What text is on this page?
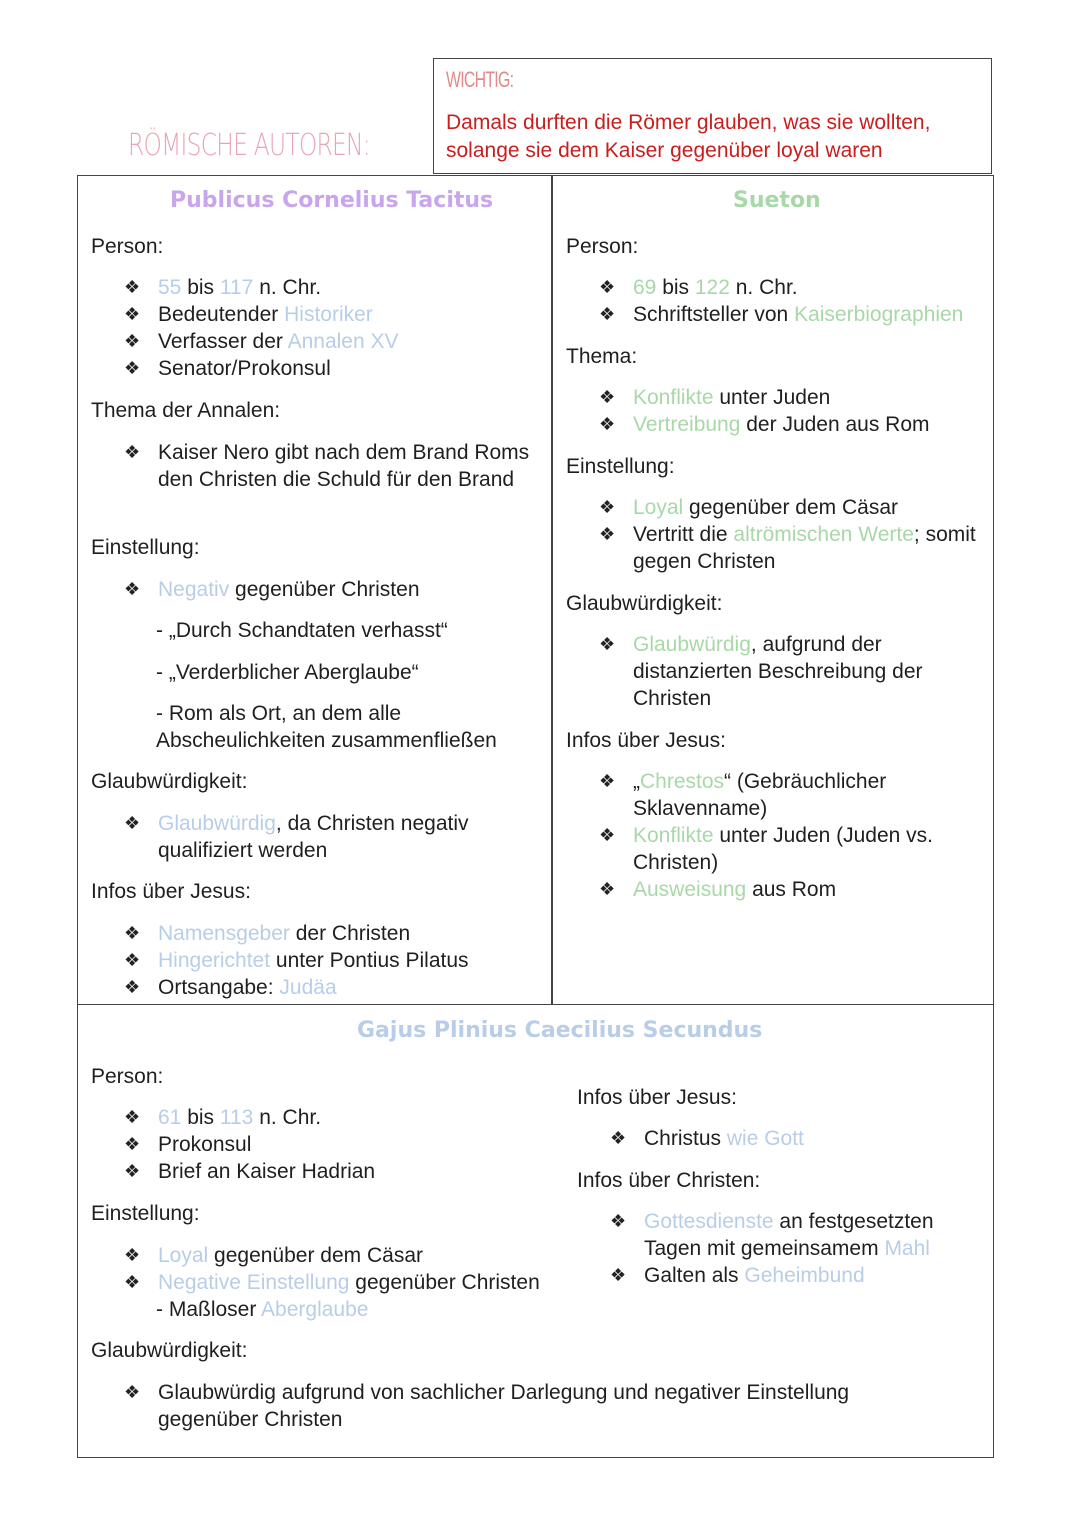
RÖMISCHE AUTOREN:
WICHTIG:
Damals durften die Römer glauben, was sie wollten, solange sie dem Kaiser gegenüber loyal waren
Publicus Cornelius Tacitus
Person:
❖ 55 bis 117 n. Chr.
❖ Bedeutender Historiker
❖ Verfasser der Annalen XV
❖ Senator/Prokonsul
Thema der Annalen:
❖ Kaiser Nero gibt nach dem Brand Roms den Christen die Schuld für den Brand
Einstellung:
❖ Negativ gegenüber Christen
- „Durch Schandtaten verhasst“
- „Verderblicher Aberglaube“
- Rom als Ort, an dem alle Abscheulichkeiten zusammenfließen
Glaubwürdigkeit:
❖ Glaubwürdig, da Christen negativ qualifiziert werden
Infos über Jesus:
❖ Namensgeber der Christen
❖ Hingerichtet unter Pontius Pilatus
❖ Ortsangabe: Judäa
Sueton
Person:
❖ 69 bis 122 n. Chr.
❖ Schriftsteller von Kaiserbiographien
Thema:
❖ Konflikte unter Juden
❖ Vertreibung der Juden aus Rom
Einstellung:
❖ Loyal gegenüber dem Cäsar
❖ Vertritt die altrömischen Werte; somit gegen Christen
Glaubwürdigkeit:
❖ Glaubwürdig, aufgrund der distanzierten Beschreibung der Christen
Infos über Jesus:
❖ „Chrestos“ (Gebräuchlicher Sklavenname)
❖ Konflikte unter Juden (Juden vs. Christen)
❖ Ausweisung aus Rom
Gajus Plinius Caecilius Secundus
Person:
❖ 61 bis 113 n. Chr.
❖ Prokonsul
❖ Brief an Kaiser Hadrian
Einstellung:
❖ Loyal gegenüber dem Cäsar
❖ Negative Einstellung gegenüber Christen
- Maßloser Aberglaube
Infos über Jesus:
❖ Christus wie Gott
Infos über Christen:
❖ Gottesdienste an festgesetzten Tagen mit gemeinsamem Mahl
❖ Galten als Geheimbund
Glaubwürdigkeit:
❖ Glaubwürdig aufgrund von sachlicher Darlegung und negativer Einstellung gegenüber Christen
